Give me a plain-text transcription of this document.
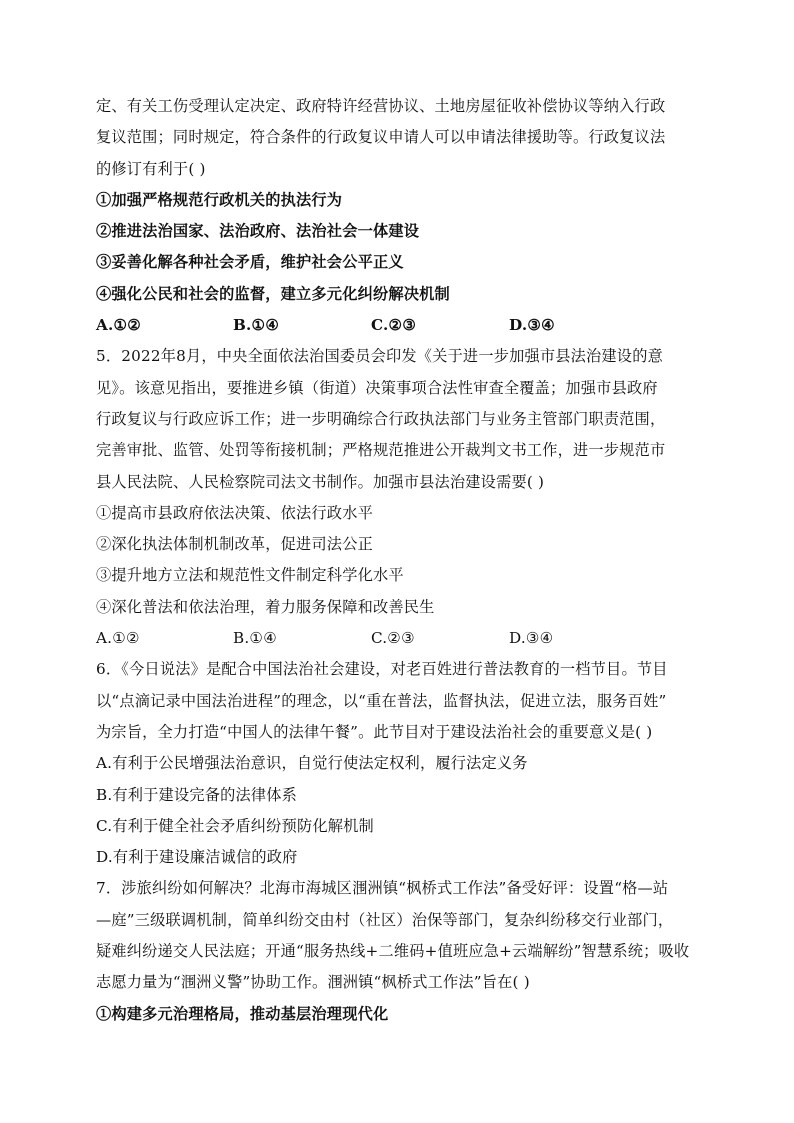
定、有关工伤受理认定决定、政府特许经营协议、土地房屋征收补偿协议等纳入行政
复议范围；同时规定，符合条件的行政复议申请人可以申请法律援助等。行政复议法
的修订有利于( )
①加强严格规范行政机关的执法行为
②推进法治国家、法治政府、法治社会一体建设
③妥善化解各种社会矛盾，维护社会公平正义
④强化公民和社会的监督，建立多元化纠纷解决机制
A.①②	B.①④	C.②③	D.③④
5．2022年8月，中央全面依法治国委员会印发《关于进一步加强市县法治建设的意
见》。该意见指出，要推进乡镇（街道）决策事项合法性审查全覆盖；加强市县政府
行政复议与行政应诉工作；进一步明确综合行政执法部门与业务主管部门职责范围，
完善审批、监管、处罚等衔接机制；严格规范推进公开裁判文书工作，进一步规范市
县人民法院、人民检察院司法文书制作。加强市县法治建设需要( )
①提高市县政府依法决策、依法行政水平
②深化执法体制机制改革，促进司法公正
③提升地方立法和规范性文件制定科学化水平
④深化普法和依法治理，着力服务保障和改善民生
A.①②	B.①④	C.②③	D.③④
6．《今日说法》是配合中国法治社会建设，对老百姓进行普法教育的一档节目。节目
以“点滴记录中国法治进程”的理念，以“重在普法，监督执法，促进立法，服务百姓”
为宗旨，全力打造“中国人的法律午餐”。此节目对于建设法治社会的重要意义是( )
A.有利于公民增强法治意识，自觉行使法定权利，履行法定义务
B.有利于建设完备的法律体系
C.有利于健全社会矛盾纠纷预防化解机制
D.有利于建设廉洁诚信的政府
7．涉旅纠纷如何解决？北海市海城区涠洲镇“枫桥式工作法”备受好评：设置“格—站
—庭”三级联调机制，简单纠纷交由村（社区）治保等部门，复杂纠纷移交行业部门，
疑难纠纷递交人民法庭；开通“服务热线+二维码+值班应急+云端解纷”智慧系统；吸收
志愿力量为“涠洲义警”协助工作。涠洲镇“枫桥式工作法”旨在( )
①构建多元治理格局，推动基层治理现代化
